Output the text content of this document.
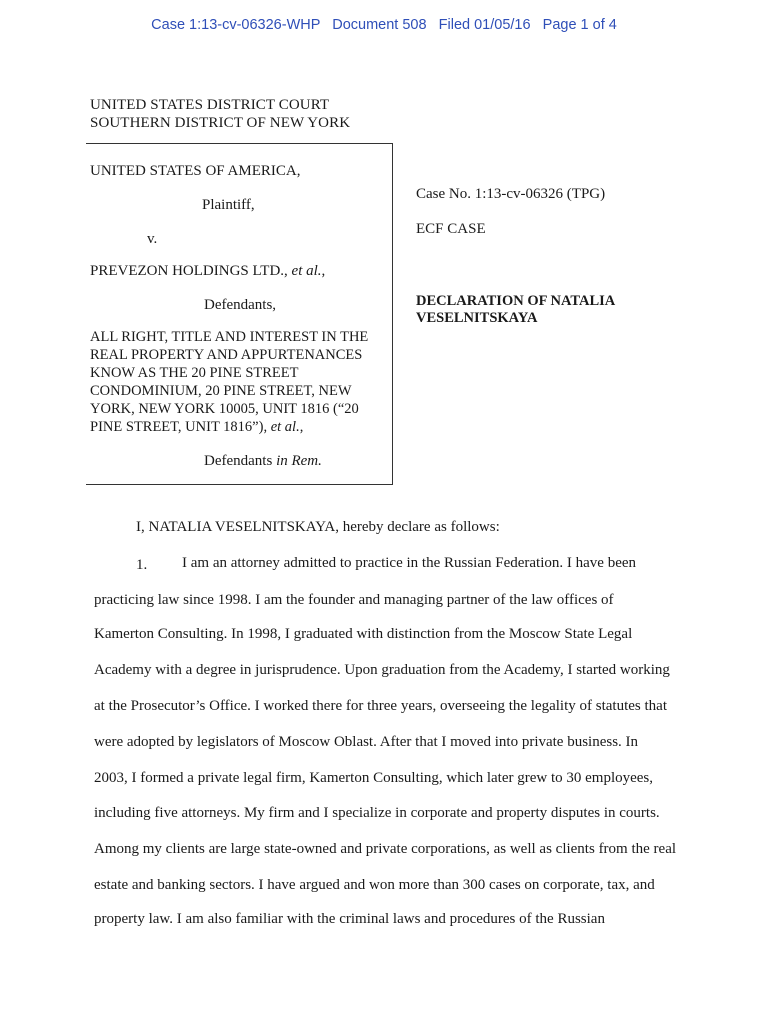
Case 1:13-cv-06326-WHP Document 508 Filed 01/05/16 Page 1 of 4
UNITED STATES DISTRICT COURT
SOUTHERN DISTRICT OF NEW YORK
UNITED STATES OF AMERICA,
Plaintiff,
v.
PREVEZON HOLDINGS LTD., et al.,
Defendants,
ALL RIGHT, TITLE AND INTEREST IN THE
REAL PROPERTY AND APPURTENANCES
KNOW AS THE 20 PINE STREET
CONDOMINIUM, 20 PINE STREET, NEW
YORK, NEW YORK 10005, UNIT 1816 (“20
PINE STREET, UNIT 1816”), et al.,
Defendants in Rem.
Case No. 1:13-cv-06326 (TPG)
ECF CASE
DECLARATION OF NATALIA
VESELNITSKAYA
I, NATALIA VESELNITSKAYA, hereby declare as follows:
1. I am an attorney admitted to practice in the Russian Federation. I have been
practicing law since 1998. I am the founder and managing partner of the law offices of
Kamerton Consulting. In 1998, I graduated with distinction from the Moscow State Legal
Academy with a degree in jurisprudence. Upon graduation from the Academy, I started working
at the Prosecutor’s Office. I worked there for three years, overseeing the legality of statutes that
were adopted by legislators of Moscow Oblast. After that I moved into private business. In
2003, I formed a private legal firm, Kamerton Consulting, which later grew to 30 employees,
including five attorneys. My firm and I specialize in corporate and property disputes in courts.
Among my clients are large state-owned and private corporations, as well as clients from the real
estate and banking sectors. I have argued and won more than 300 cases on corporate, tax, and
property law. I am also familiar with the criminal laws and procedures of the Russian
